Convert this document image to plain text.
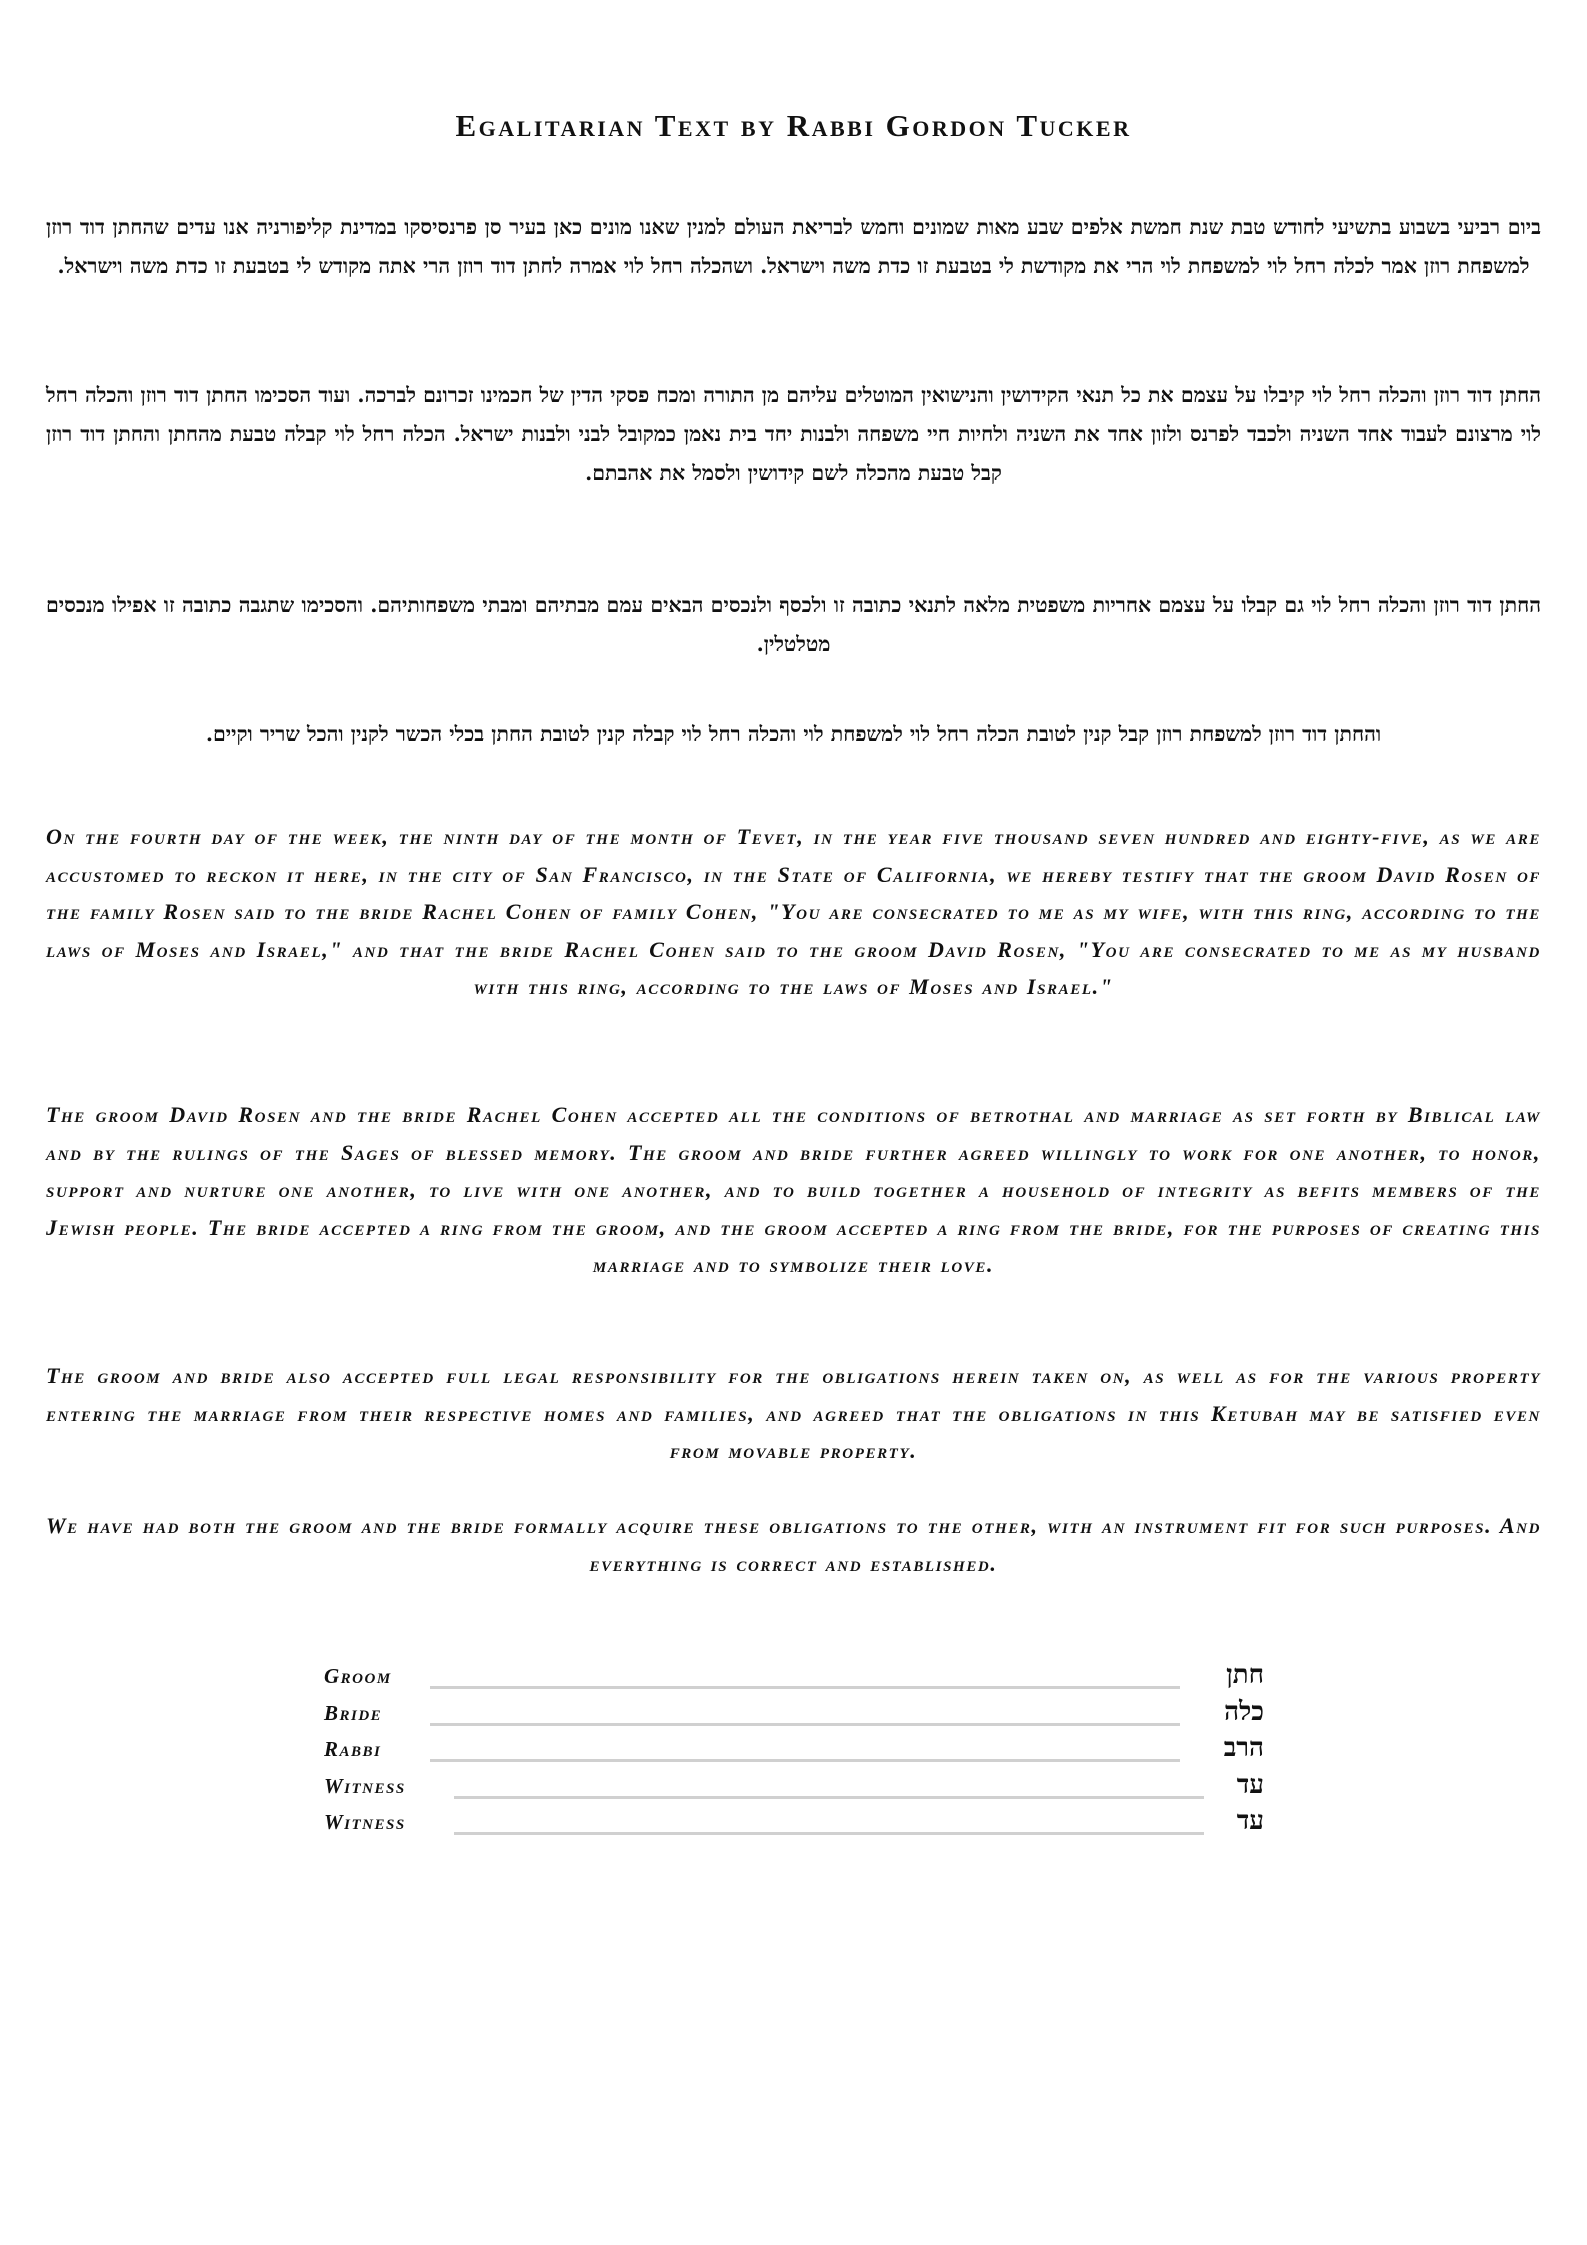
Egalitarian Text by Rabbi Gordon Tucker

ביום רביעי בשבוע בתשיעי לחודש טבת שנת חמשת אלפים שבע מאות שמונים וחמש לבריאת העולם למנין שאנו מונים כאן בעיר סן פרנסיסקו במדינת קליפורניה אנו עדים שהחתן דוד רוזן למשפחת רוזן אמר לכלה רחל לוי למשפחת לוי הרי את מקודשת לי בטבעת זו כדת משה וישראל. ושהכלה רחל לוי אמרה לחתן דוד רוזן הרי אתה מקודש לי בטבעת זו כדת משה וישראל.

החתן דוד רוזן והכלה רחל לוי קיבלו על עצמם את כל תנאי הקידושין והנישואין המוטלים עליהם מן התורה ומכח פסקי הדין של חכמינו זכרונם לברכה. ועוד הסכימו החתן דוד רוזן והכלה רחל לוי מרצונם לעבוד אחד השניה ולכבד לפרנס ולזון אחד את השניה ולחיות חיי משפחה ולבנות יחד בית נאמן כמקובל לבני ולבנות ישראל. הכלה רחל לוי קבלה טבעת מהחתן והחתן דוד רוזן קבל טבעת מהכלה לשם קידושין ולסמל את אהבתם.

החתן דוד רוזן והכלה רחל לוי גם קבלו על עצמם אחריות משפטית מלאה לתנאי כתובה זו ולכסף ולנכסים הבאים עמם מבתיהם ומבתי משפחותיהם. והסכימו שתגבה כתובה זו אפילו מנכסים מטלטלין.

והחתן דוד רוזן למשפחת רוזן קבל קנין לטובת הכלה רחל לוי למשפחת לוי והכלה רחל לוי קבלה קנין לטובת החתן בכלי הכשר לקנין והכל שריר וקיים.

On the fourth day of the week, the ninth day of the month of Tevet, in the year five thousand seven hundred and eighty-five, as we are accustomed to reckon it here, in the city of San Francisco, in the State of California, we hereby testify that the groom David Rosen of the family Rosen said to the bride Rachel Cohen of family Cohen, "You are consecrated to me as my wife, with this ring, according to the laws of Moses and Israel," and that the bride Rachel Cohen said to the groom David Rosen, "You are consecrated to me as my husband with this ring, according to the laws of Moses and Israel."

The groom David Rosen and the bride Rachel Cohen accepted all the conditions of betrothal and marriage as set forth by Biblical law and by the rulings of the Sages of blessed memory. The groom and bride further agreed willingly to work for one another, to honor, support and nurture one another, to live with one another, and to build together a household of integrity as befits members of the Jewish people. The bride accepted a ring from the groom, and the groom accepted a ring from the bride, for the purposes of creating this marriage and to symbolize their love.

The groom and bride also accepted full legal responsibility for the obligations herein taken on, as well as for the various property entering the marriage from their respective homes and families, and agreed that the obligations in this Ketubah may be satisfied even from movable property.

We have had both the groom and the bride formally acquire these obligations to the other, with an instrument fit for such purposes. And everything is correct and established.

Groom	חתן
Bride	כלה
Rabbi	הרב
Witness	עד
Witness	עד
